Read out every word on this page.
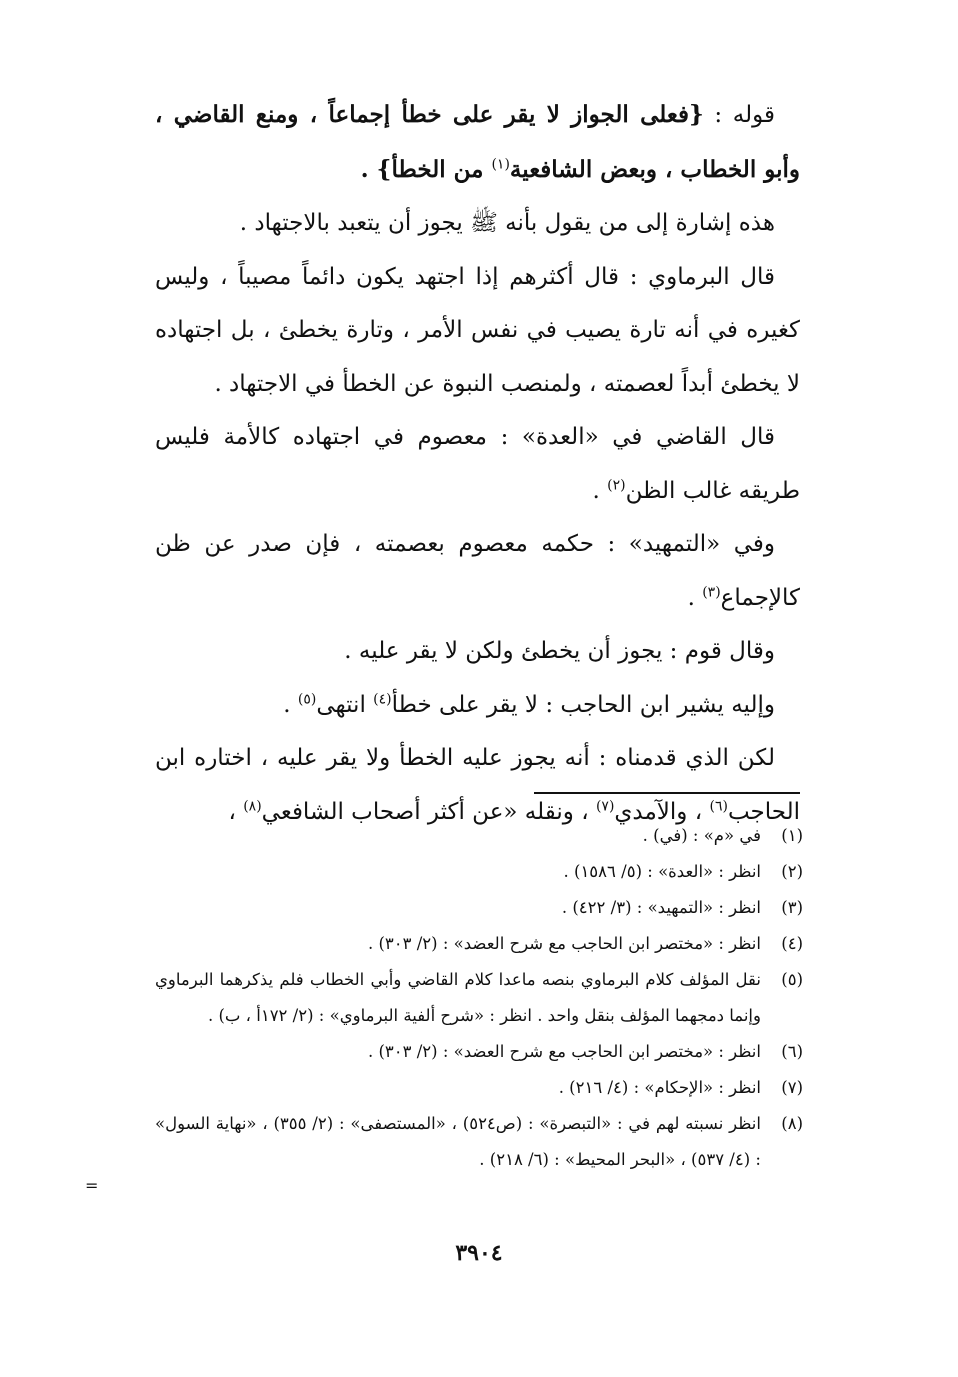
قوله : {فعلى الجواز لا يقر على خطأ إجماعاً ، ومنع القاضي ، وأبو الخطاب ، وبعض الشافعية$^{(١)}$ من الخطأ} .

هذه إشارة إلى من يقول بأنه ﷺ يجوز أن يتعبد بالاجتهاد .

قال البرماوي : قال أكثرهم إذا اجتهد يكون دائماً مصيباً ، وليس كغيره في أنه تارة يصيب في نفس الأمر ، وتارة يخطئ ، بل اجتهاده لا يخطئ أبداً لعصمته ، ولمنصب النبوة عن الخطأ في الاجتهاد .

قال القاضي في «العدة» : معصوم في اجتهاده كالأمة فليس طريقه غالب الظن$^{(٢)}$ .

وفي «التمهيد» : حكمه معصوم بعصمته ، فإن صدر عن ظن كالإجماع$^{(٣)}$ .

وقال قوم : يجوز أن يخطئ ولكن لا يقر عليه .

وإليه يشير ابن الحاجب : لا يقر على خطأ$^{(٤)}$ انتهى$^{(٥)}$ .

لكن الذي قدمناه : أنه يجوز عليه الخطأ ولا يقر عليه ، اختاره ابن الحاجب$^{(٦)}$ ، والآمدي$^{(٧)}$ ، ونقله «عن أكثر أصحاب الشافعي$^{(٨)}$ ،

(١)
في «م» : (في) .
(٢)
انظر : «العدة» : (٥/ ١٥٨٦) .
(٣)
انظر : «التمهيد» : (٣/ ٤٢٢) .
(٤)
انظر : «مختصر ابن الحاجب مع شرح العضد» : (٢/ ٣٠٣) .
(٥)
نقل المؤلف كلام البرماوي بنصه ماعدا كلام القاضي وأبي الخطاب فلم يذكرهما البرماوي وإنما دمجهما المؤلف بنقل واحد . انظر : «شرح ألفية البرماوي» : (٢/ ١٧٢أ ، ب) .
(٦)
انظر : «مختصر ابن الحاجب مع شرح العضد» : (٢/ ٣٠٣) .
(٧)
انظر : «الإحكام» : (٤/ ٢١٦) .
(٨)
انظر نسبته لهم في : «التبصرة» : (ص٥٢٤) ، «المستصفى» : (٢/ ٣٥٥) ، «نهاية السول» : (٤/ ٥٣٧) ، «البحر المحيط» : (٦/ ٢١٨) .
=
٣٩٠٤
